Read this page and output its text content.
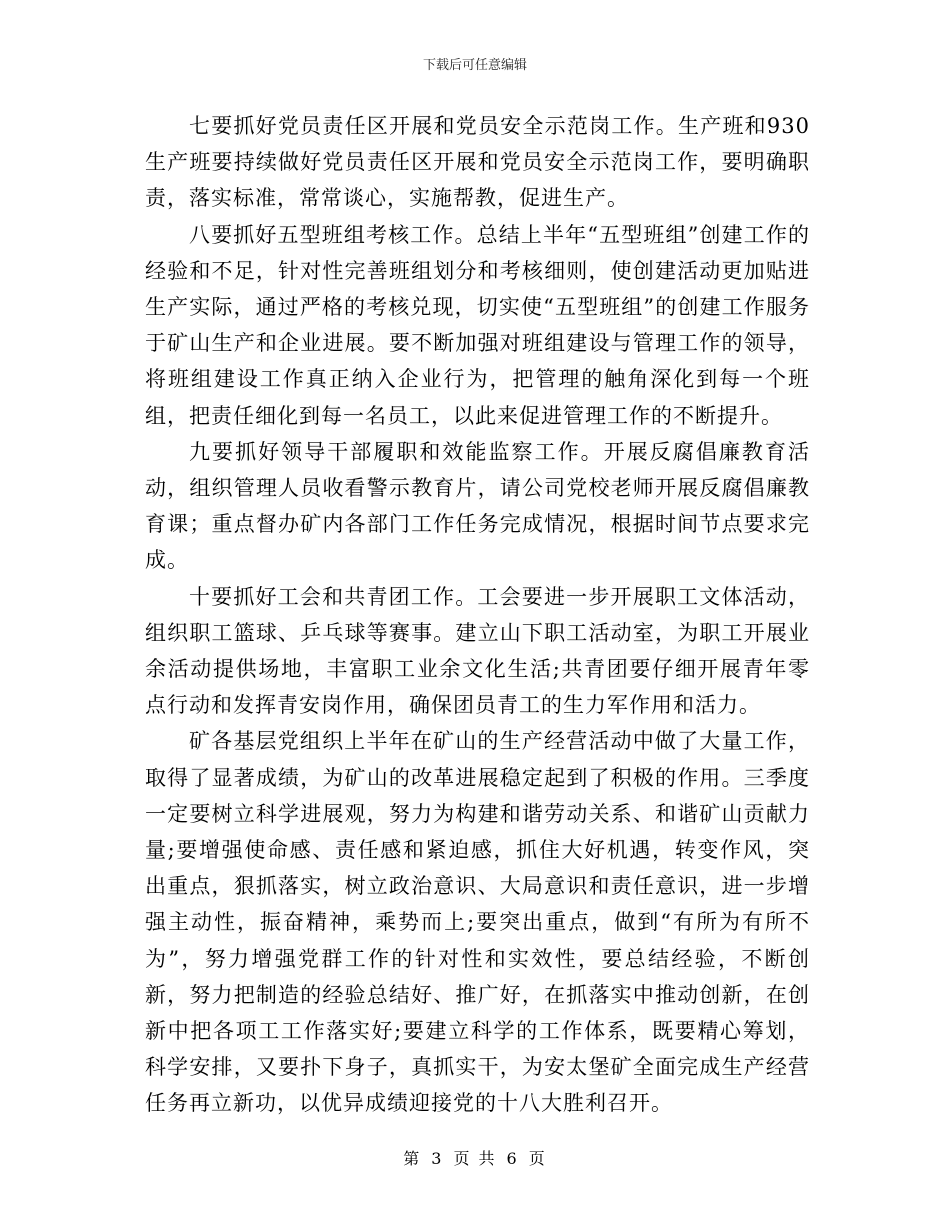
下载后可任意编辑

七要抓好党员责任区开展和党员安全示范岗工作。生产班和930生产班要持续做好党员责任区开展和党员安全示范岗工作，要明确职责，落实标准，常常谈心，实施帮教，促进生产。

八要抓好五型班组考核工作。总结上半年“五型班组”创建工作的经验和不足，针对性完善班组划分和考核细则，使创建活动更加贴进生产实际，通过严格的考核兑现，切实使“五型班组”的创建工作服务于矿山生产和企业进展。要不断加强对班组建设与管理工作的领导，将班组建设工作真正纳入企业行为，把管理的触角深化到每一个班组，把责任细化到每一名员工，以此来促进管理工作的不断提升。

九要抓好领导干部履职和效能监察工作。开展反腐倡廉教育活动，组织管理人员收看警示教育片，请公司党校老师开展反腐倡廉教育课；重点督办矿内各部门工作任务完成情况，根据时间节点要求完成。

十要抓好工会和共青团工作。工会要进一步开展职工文体活动，组织职工篮球、乒乓球等赛事。建立山下职工活动室，为职工开展业余活动提供场地，丰富职工业余文化生活;共青团要仔细开展青年零点行动和发挥青安岗作用，确保团员青工的生力军作用和活力。

矿各基层党组织上半年在矿山的生产经营活动中做了大量工作，取得了显著成绩，为矿山的改革进展稳定起到了积极的作用。三季度一定要树立科学进展观，努力为构建和谐劳动关系、和谐矿山贡献力量;要增强使命感、责任感和紧迫感，抓住大好机遇，转变作风，突出重点，狠抓落实，树立政治意识、大局意识和责任意识，进一步增强主动性，振奋精神，乘势而上;要突出重点，做到“有所为有所不为”，努力增强党群工作的针对性和实效性，要总结经验，不断创新，努力把制造的经验总结好、推广好，在抓落实中推动创新，在创新中把各项工工作落实好;要建立科学的工作体系，既要精心筹划，科学安排，又要扑下身子，真抓实干，为安太堡矿全面完成生产经营任务再立新功，以优异成绩迎接党的十八大胜利召开。

第 3 页 共 6 页
